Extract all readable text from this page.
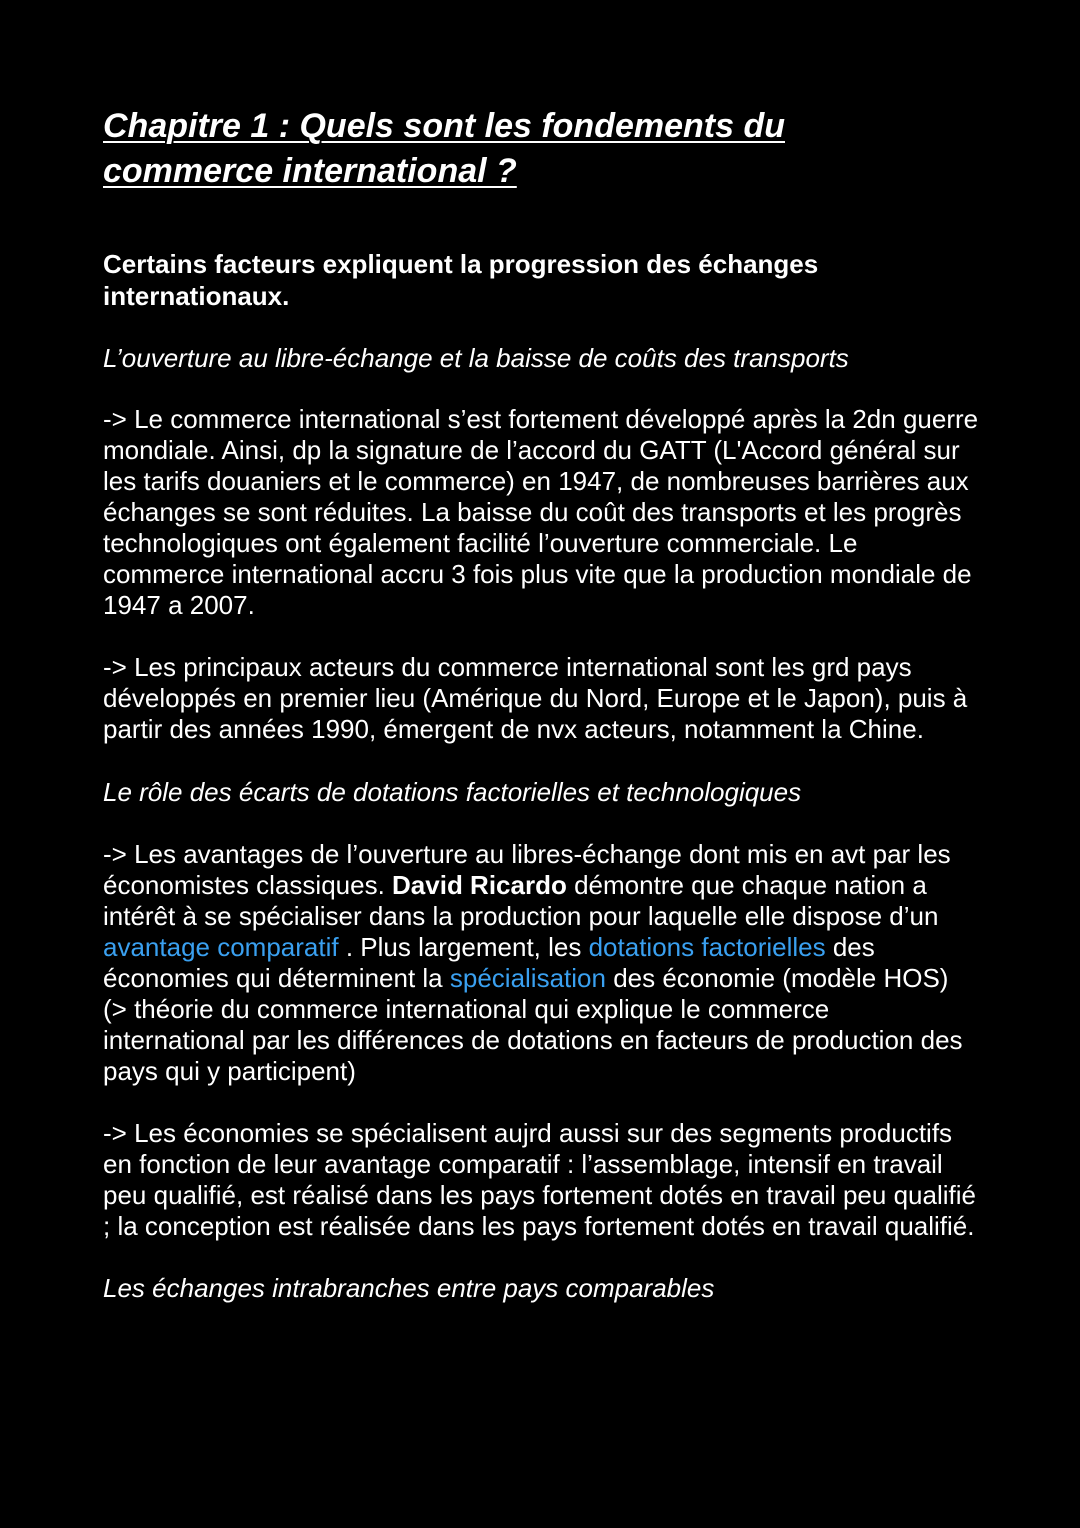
Chapitre 1 : Quels sont les fondements du
commerce international ?

Certains facteurs expliquent la progression des échanges internationaux.

L’ouverture au libre-échange et la baisse de coûts des transports

-> Le commerce international s’est fortement développé après la 2dn guerre mondiale. Ainsi, dp la signature de l’accord du GATT (L'Accord général sur les tarifs douaniers et le commerce) en 1947, de nombreuses barrières aux échanges se sont réduites. La baisse du coût des transports et les progrès technologiques ont également facilité l’ouverture commerciale. Le commerce international accru 3 fois plus vite que la production mondiale de 1947 a 2007.

-> Les principaux acteurs du commerce international sont les grd pays développés en premier lieu (Amérique du Nord, Europe et le Japon), puis à partir des années 1990, émergent de nvx acteurs, notamment la Chine.

Le rôle des écarts de dotations factorielles et technologiques

-> Les avantages de l’ouverture au libres-échange dont mis en avt par les économistes classiques. David Ricardo démontre que chaque nation a intérêt à se spécialiser dans la production pour laquelle elle dispose d’un avantage comparatif . Plus largement, les dotations factorielles des économies qui déterminent la spécialisation des économie (modèle HOS) (> théorie du commerce international qui explique le commerce international par les différences de dotations en facteurs de production des pays qui y participent)

-> Les économies se spécialisent aujrd aussi sur des segments productifs en fonction de leur avantage comparatif : l’assemblage, intensif en travail peu qualifié, est réalisé dans les pays fortement dotés en travail peu qualifié ; la conception est réalisée dans les pays fortement dotés en travail qualifié.

Les échanges intrabranches entre pays comparables
